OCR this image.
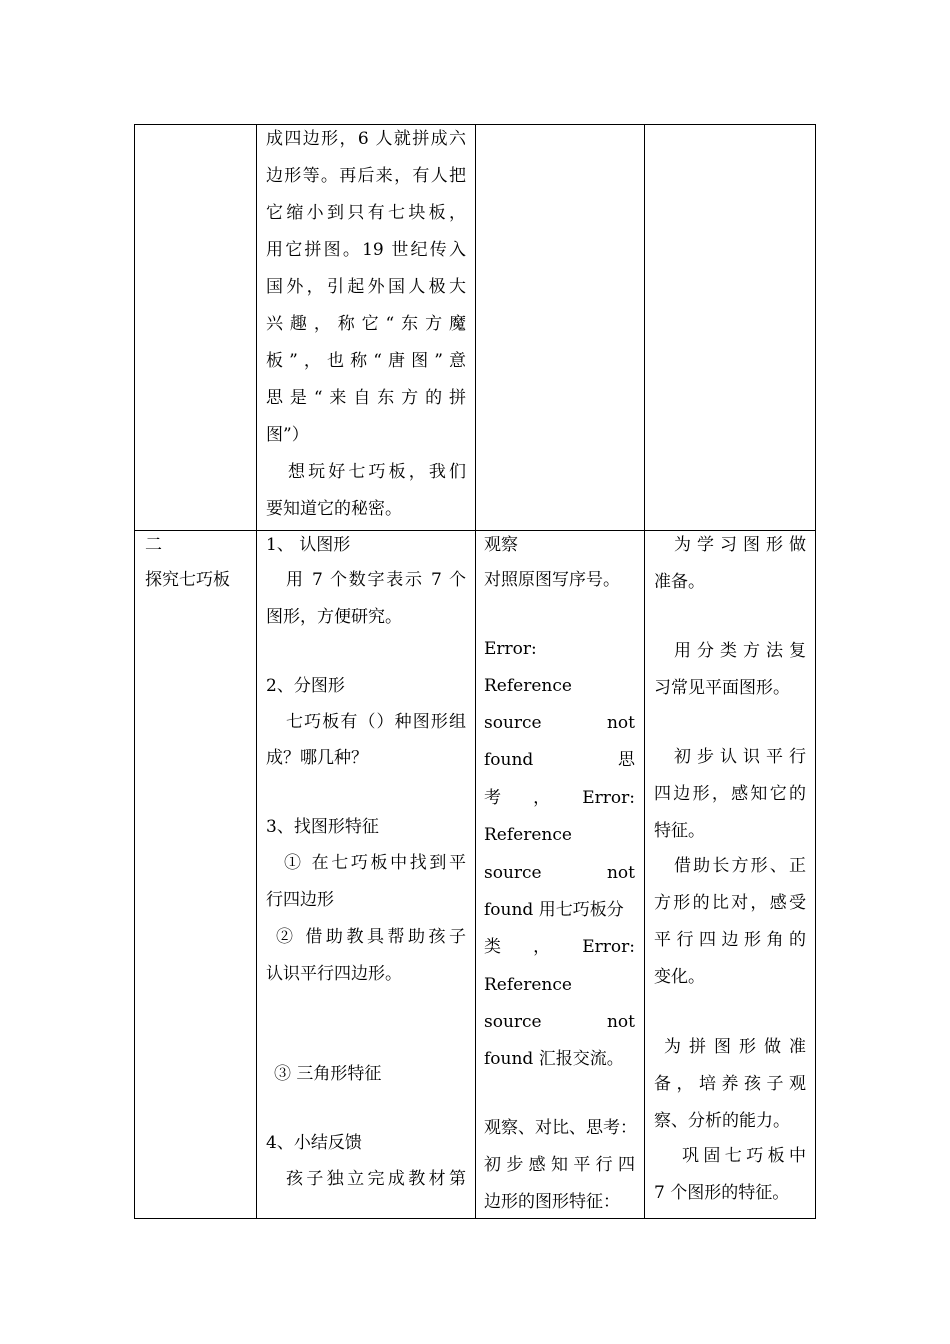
成四边形，6 人就拼成六
边形等。再后来，有人把
它缩小到只有七块板，
用它拼图。19 世纪传入
国外，引起外国人极大
兴趣，称它“东方魔
板”，也称“唐图”意
思是“来自东方的拼
图”）
想玩好七巧板，我们
要知道它的秘密。
二
探究七巧板
1、 认图形
用 7 个数字表示 7 个
图形，方便研究。
2、分图形
七巧板有（）种图形组
成？哪几种？
3、找图形特征
① 在七巧板中找到平
行四边形
② 借助教具帮助孩子
认识平行四边形。
③ 三角形特征
4、小结反馈
孩子独立完成教材第
观察
对照原图写序号。
Error:
Reference
source not
found 思
考 ， Error:
Reference
source not
found 用七巧板分
类 ， Error:
Reference
source not
found 汇报交流。
观察、对比、思考：
初步感知平行四
边形的图形特征：
为学习图形做
准备。
用分类方法复
习常见平面图形。
初步认识平行
四边形，感知它的
特征。
借助长方形、正
方形的比对，感受
平行四边形角的
变化。
为拼图形做准
备，培养孩子观
察、分析的能力。
巩固七巧板中
7 个图形的特征。
